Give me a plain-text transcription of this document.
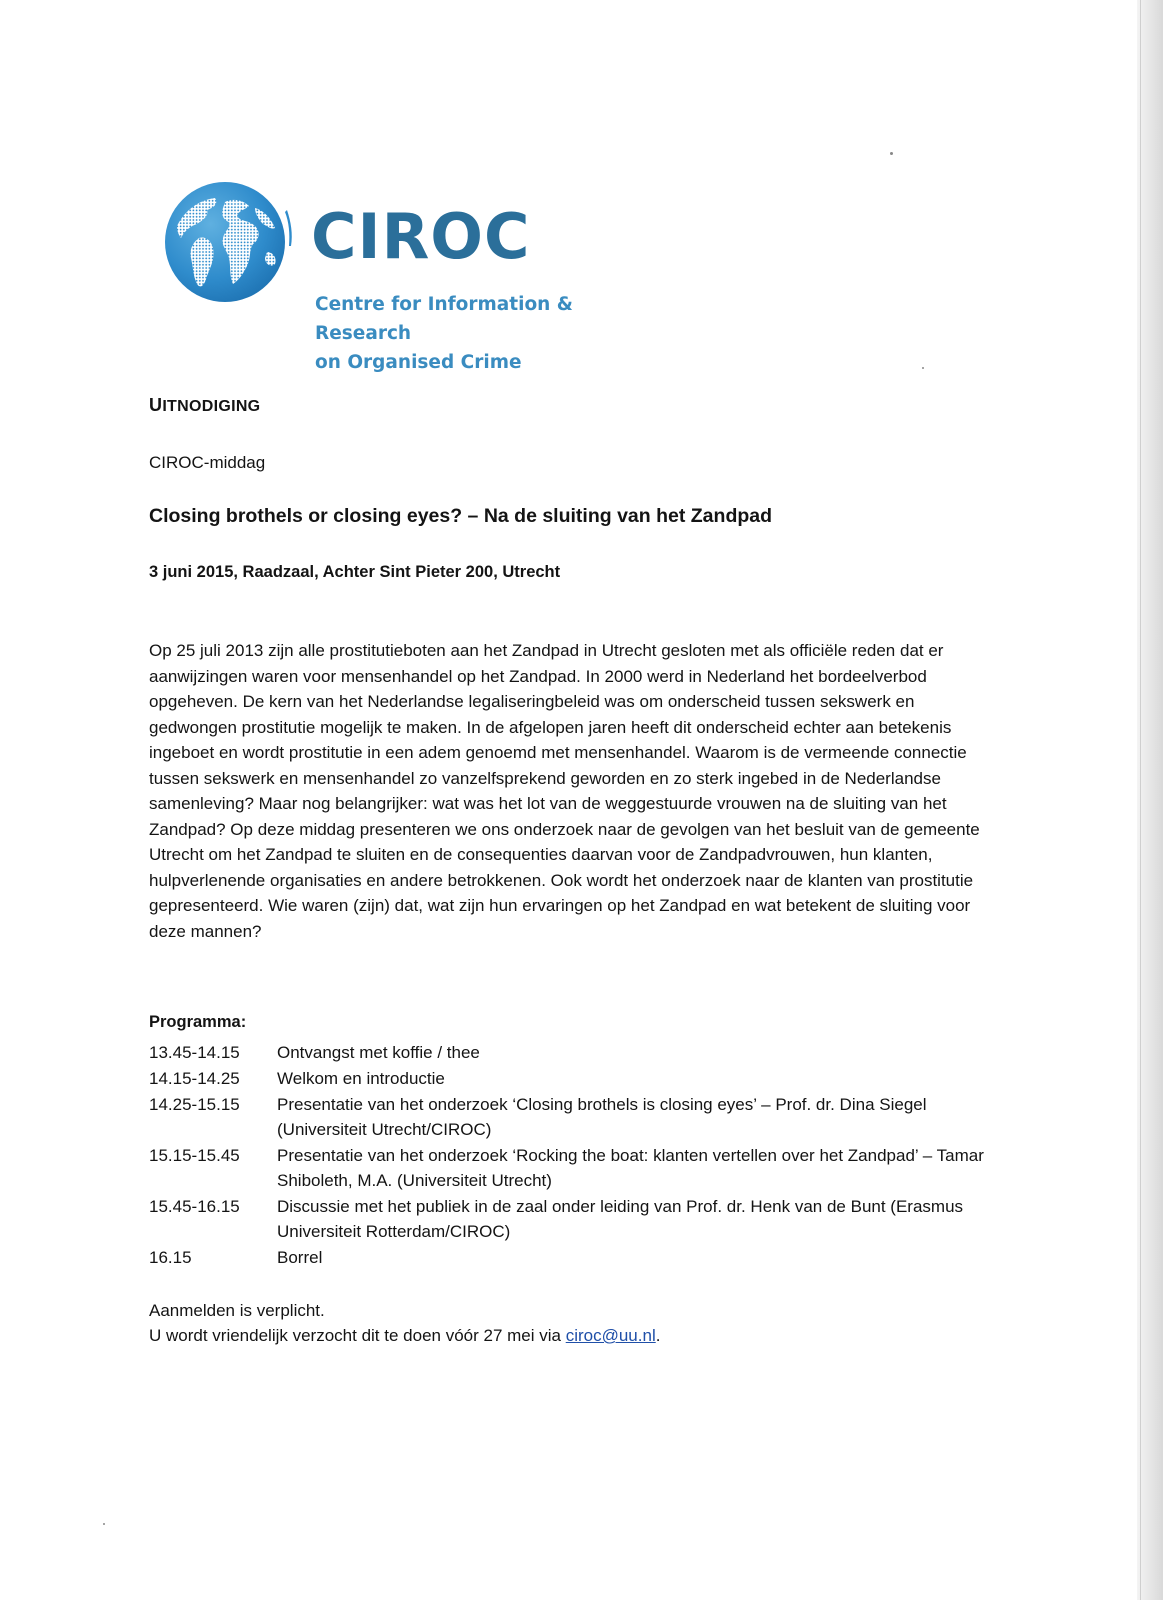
CIROC
Centre for Information & Research
on Organised Crime
UITNODIGING
CIROC-middag
Closing brothels or closing eyes? – Na de sluiting van het Zandpad
3 juni 2015, Raadzaal, Achter Sint Pieter 200, Utrecht

Op 25 juli 2013 zijn alle prostitutieboten aan het Zandpad in Utrecht gesloten met als officiële reden dat er aanwijzingen waren voor mensenhandel op het Zandpad. In 2000 werd in Nederland het bordeelverbod opgeheven. De kern van het Nederlandse legaliseringbeleid was om onderscheid tussen sekswerk en gedwongen prostitutie mogelijk te maken. In de afgelopen jaren heeft dit onderscheid echter aan betekenis ingeboet en wordt prostitutie in een adem genoemd met mensenhandel. Waarom is de vermeende connectie tussen sekswerk en mensenhandel zo vanzelfsprekend geworden en zo sterk ingebed in de Nederlandse samenleving? Maar nog belangrijker: wat was het lot van de weggestuurde vrouwen na de sluiting van het Zandpad? Op deze middag presenteren we ons onderzoek naar de gevolgen van het besluit van de gemeente Utrecht om het Zandpad te sluiten en de consequenties daarvan voor de Zandpadvrouwen, hun klanten, hulpverlenende organisaties en andere betrokkenen. Ook wordt het onderzoek naar de klanten van prostitutie gepresenteerd. Wie waren (zijn) dat, wat zijn hun ervaringen op het Zandpad en wat betekent de sluiting voor deze mannen?

Programma:
13.45-14.15	Ontvangst met koffie / thee
14.15-14.25	Welkom en introductie
14.25-15.15	Presentatie van het onderzoek ‘Closing brothels is closing eyes’ – Prof. dr. Dina Siegel (Universiteit Utrecht/CIROC)
15.15-15.45	Presentatie van het onderzoek ‘Rocking the boat: klanten vertellen over het Zandpad’ – Tamar Shiboleth, M.A. (Universiteit Utrecht)
15.45-16.15	Discussie met het publiek in de zaal onder leiding van Prof. dr. Henk van de Bunt (Erasmus Universiteit Rotterdam/CIROC)
16.15	Borrel
Aanmelden is verplicht.
U wordt vriendelijk verzocht dit te doen vóór 27 mei via ciroc@uu.nl.
